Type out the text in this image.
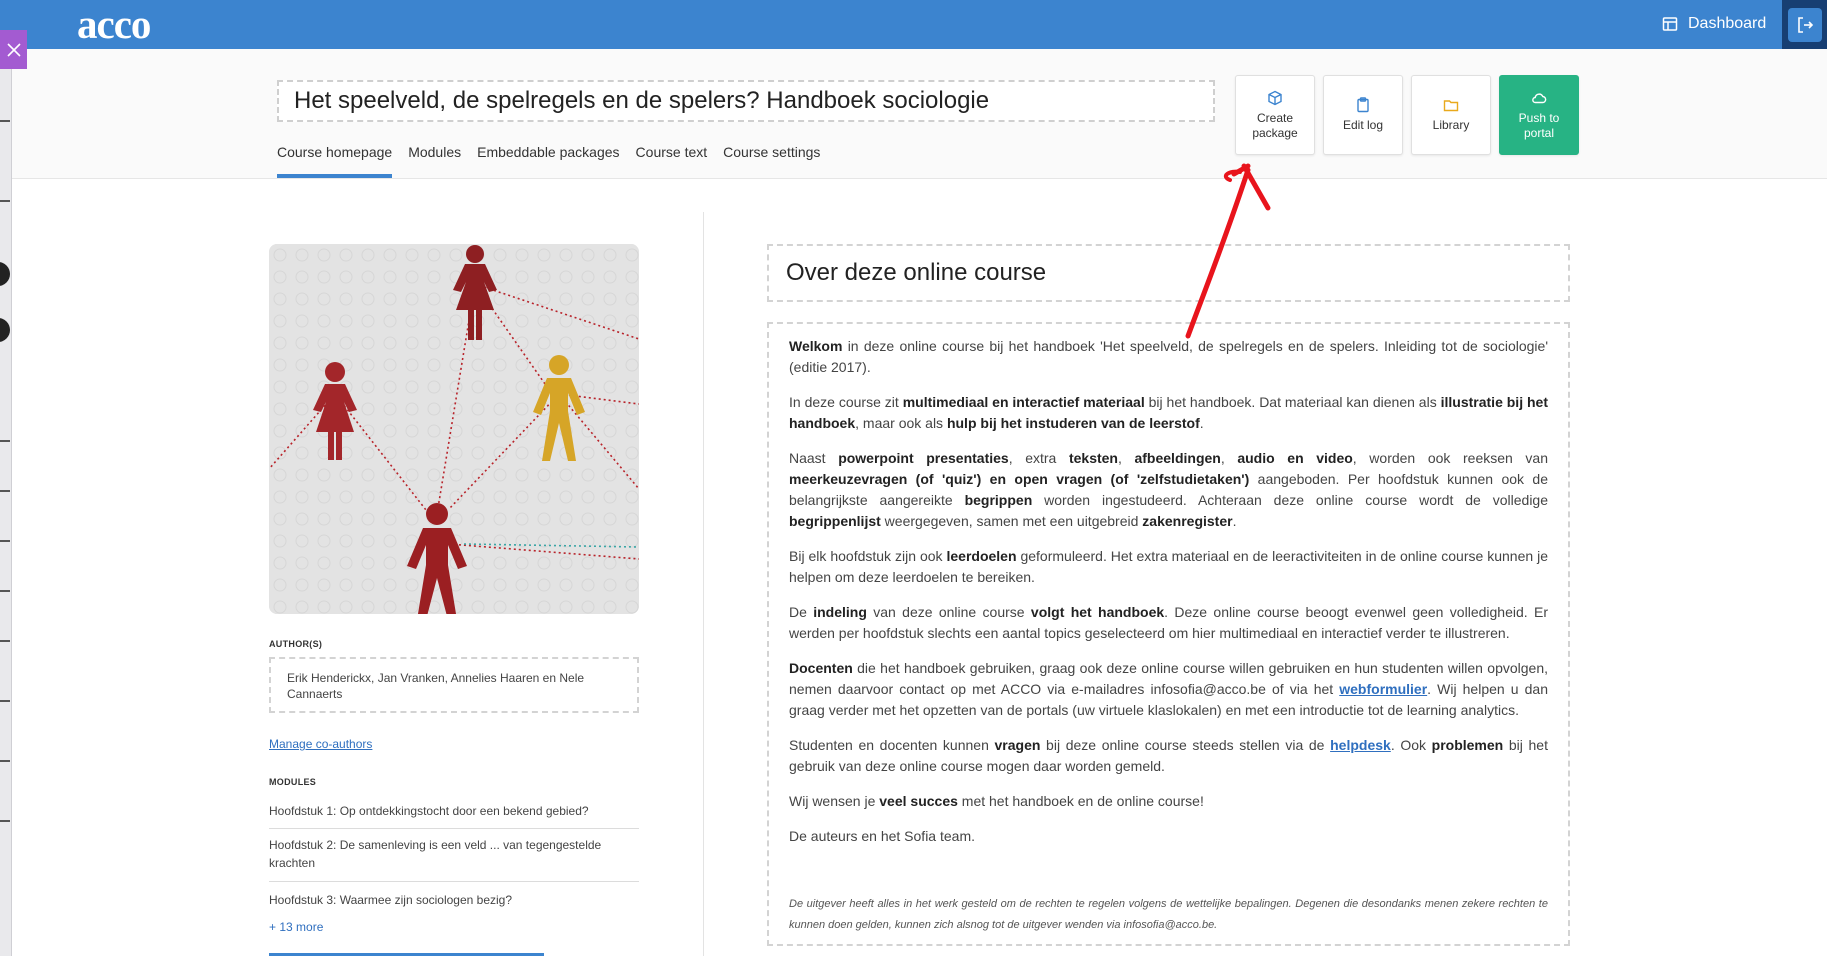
acco	Dashboard
Het speelveld, de spelregels en de spelers? Handboek sociologie
Course homepage Modules Embeddable packages Course text Course settings
Create package
Edit log	Library
Push to portal
AUTHOR(S)
Erik Henderickx, Jan Vranken, Annelies Haaren en Nele Cannaerts
Manage co-authors
MODULES
Hoofdstuk 1: Op ontdekkingstocht door een bekend gebied?
Hoofdstuk 2: De samenleving is een veld ... van tegengestelde krachten
Hoofdstuk 3: Waarmee zijn sociologen bezig?
+ 13 more
Over deze online course

Welkom in deze online course bij het handboek 'Het speelveld, de spelregels en de spelers. Inleiding tot de sociologie' (editie 2017).

In deze course zit multimediaal en interactief materiaal bij het handboek. Dat materiaal kan dienen als illustratie bij het handboek, maar ook als hulp bij het instuderen van de leerstof.

Naast powerpoint presentaties, extra teksten, afbeeldingen, audio en video, worden ook reeksen van meerkeuzevragen (of 'quiz') en open vragen (of 'zelfstudietaken') aangeboden. Per hoofdstuk kunnen ook de belangrijkste aangereikte begrippen worden ingestudeerd. Achteraan deze online course wordt de volledige begrippenlijst weergegeven, samen met een uitgebreid zakenregister.

Bij elk hoofdstuk zijn ook leerdoelen geformuleerd. Het extra materiaal en de leeractiviteiten in de online course kunnen je helpen om deze leerdoelen te bereiken.

De indeling van deze online course volgt het handboek. Deze online course beoogt evenwel geen volledigheid. Er werden per hoofdstuk slechts een aantal topics geselecteerd om hier multimediaal en interactief verder te illustreren.

Docenten die het handboek gebruiken, graag ook deze online course willen gebruiken en hun studenten willen opvolgen, nemen daarvoor contact op met ACCO via e-mailadres infosofia@acco.be of via het webformulier. Wij helpen u dan graag verder met het opzetten van de portals (uw virtuele klaslokalen) en met een introductie tot de learning analytics.

Studenten en docenten kunnen vragen bij deze online course steeds stellen via de helpdesk. Ook problemen bij het gebruik van deze online course mogen daar worden gemeld.

Wij wensen je veel succes met het handboek en de online course!

De auteurs en het Sofia team.

De uitgever heeft alles in het werk gesteld om de rechten te regelen volgens de wettelijke bepalingen. Degenen die desondanks menen zekere rechten te kunnen doen gelden, kunnen zich alsnog tot de uitgever wenden via infosofia@acco.be.
